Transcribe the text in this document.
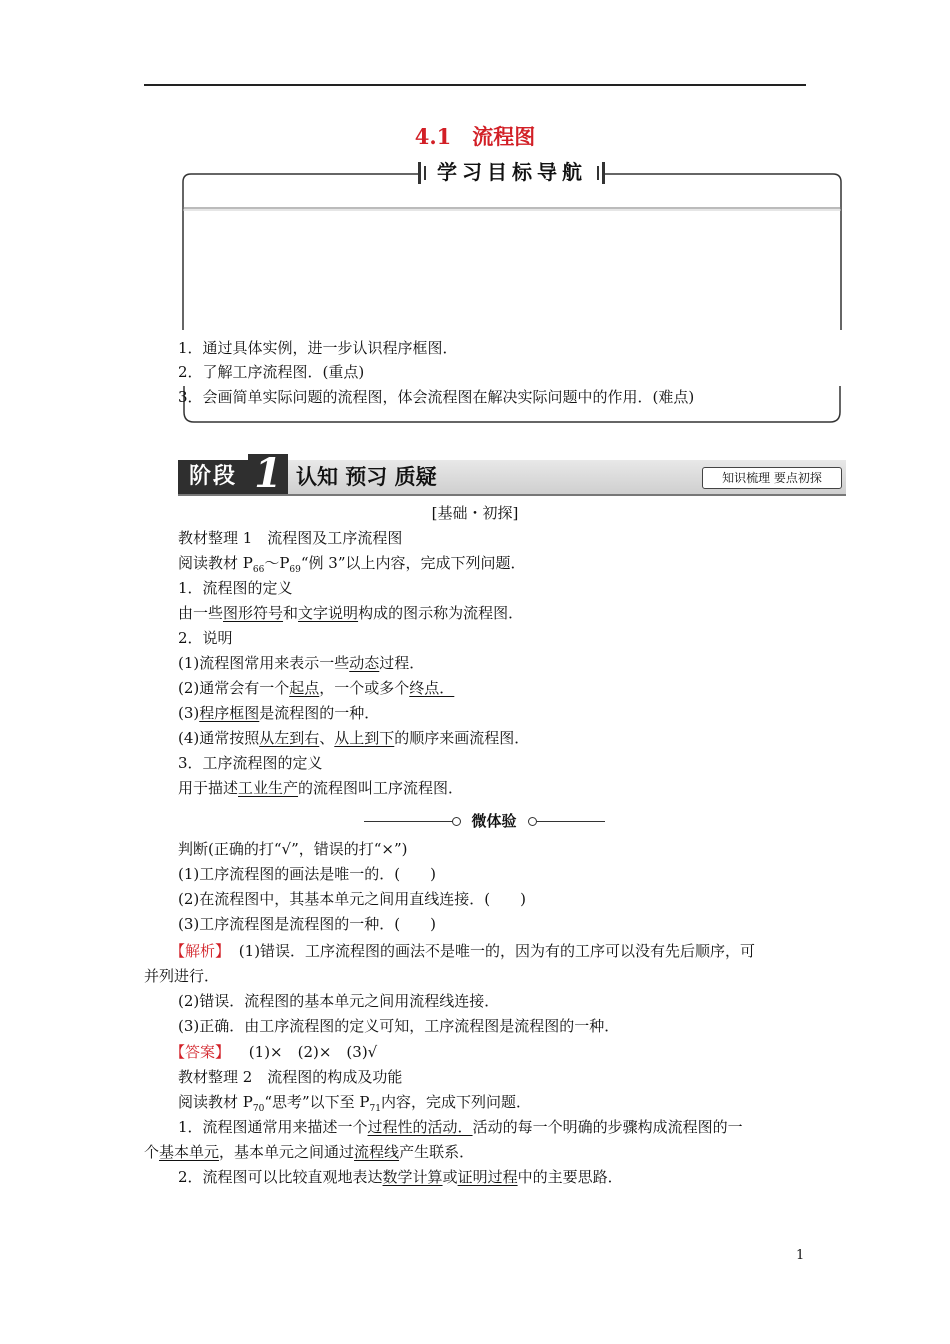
4.1　流程图
学习目标导航
1．通过具体实例，进一步认识程序框图．
2．了解工序流程图．(重点)
3．会画简单实际问题的流程图，体会流程图在解决实际问题中的作用．(难点)
阶段 1 认知 预习 质疑	知识梳理 要点初探
[基础・初探]
教材整理 1　流程图及工序流程图
阅读教材 $P_{66}\sim P_{69}“$例 3”以上内容，完成下列问题．
1．流程图的定义
由一些图形符号和文字说明构成的图示称为流程图．
2．说明
(1)流程图常用来表示一些动态过程．
(2)通常会有一个起点，一个或多个终点．
(3)程序框图是流程图的一种．
(4)通常按照从左到右、从上到下的顺序来画流程图．
3．工序流程图的定义
用于描述工业生产的流程图叫工序流程图．
微体验
判断(正确的打“√”，错误的打“×”)
(1)工序流程图的画法是唯一的．(　　)
(2)在流程图中，其基本单元之间用直线连接．(　　)
(3)工序流程图是流程图的一种．(　　)
【解析】 (1)错误．工序流程图的画法不是唯一的，因为有的工序可以没有先后顺序，可
并列进行．
(2)错误．流程图的基本单元之间用流程线连接．
(3)正确．由工序流程图的定义可知，工序流程图是流程图的一种．
【答案】 (1)×　(2)×　(3)√
教材整理 2　流程图的构成及功能
阅读教材 $P_{70}“$思考”以下至 $P_{71}$内容，完成下列问题．
1．流程图通常用来描述一个过程性的活动．活动的每一个明确的步骤构成流程图的一
个基本单元，基本单元之间通过流程线产生联系．
2．流程图可以比较直观地表达数学计算或证明过程中的主要思路．
1
